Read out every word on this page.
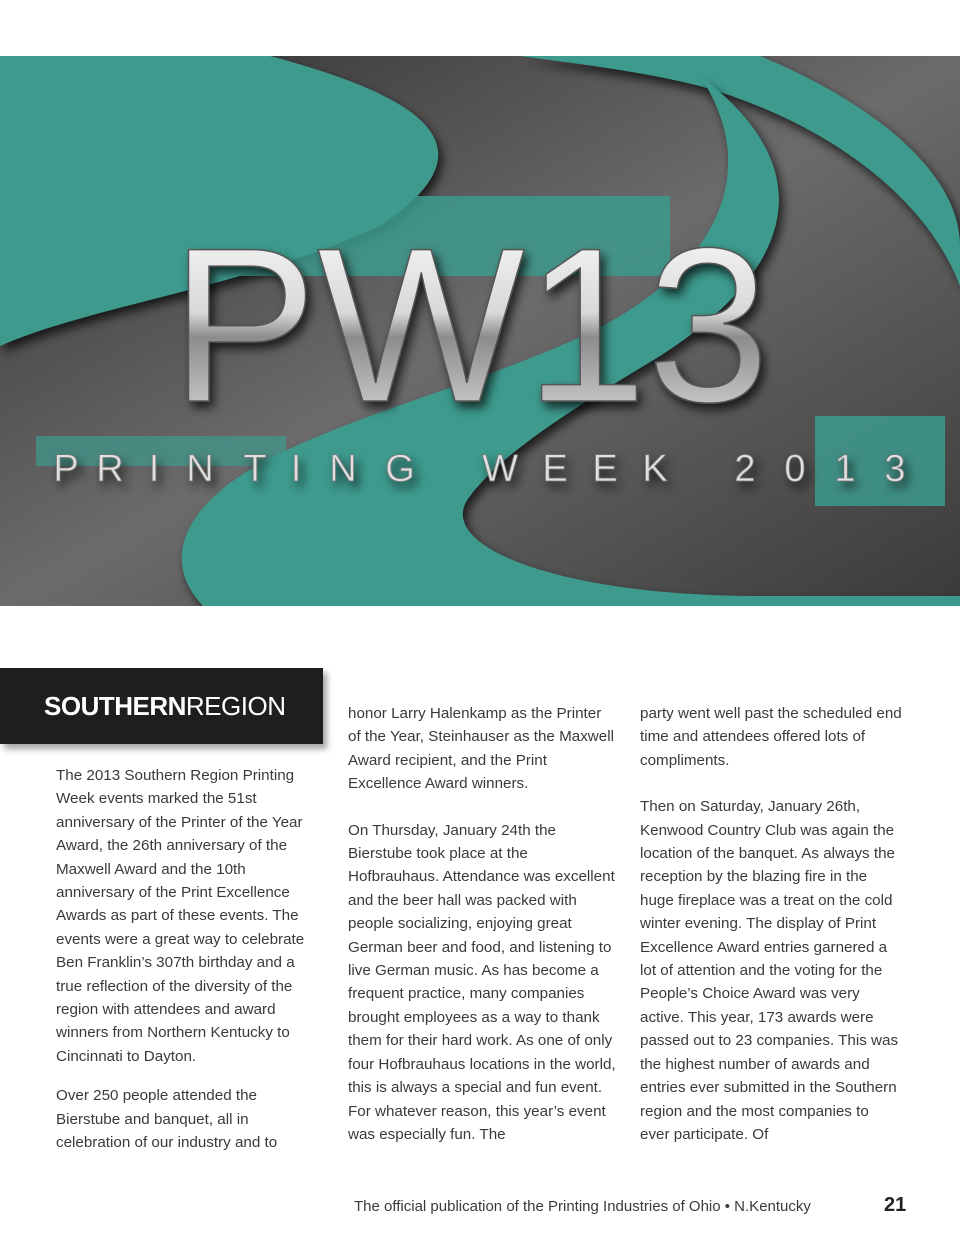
PW13
P R I N T I N G W E E K 2 0 1 3
SOUTHERNREGION

The 2013 Southern Region Printing Week events marked the 51st anniversary of the Printer of the Year Award, the 26th anniversary of the Maxwell Award and the 10th anniversary of the Print Excellence Awards as part of these events. The events were a great way to celebrate Ben Franklin’s 307th birthday and a true reflection of the diversity of the region with attendees and award winners from Northern Kentucky to Cincinnati to Dayton.

Over 250 people attended the Bierstube and banquet, all in celebration of our industry and to

honor Larry Halenkamp as the Printer of the Year, Steinhauser as the Maxwell Award recipient, and the Print Excellence Award winners.

On Thursday, January 24th the Bierstube took place at the Hofbrauhaus. Attendance was excellent and the beer hall was packed with people socializing, enjoying great German beer and food, and listening to live German music. As has become a frequent practice, many companies brought employees as a way to thank them for their hard work. As one of only four Hofbrauhaus locations in the world, this is always a special and fun event. For whatever reason, this year’s event was especially fun. The

party went well past the scheduled end time and attendees offered lots of compliments.

Then on Saturday, January 26th, Kenwood Country Club was again the location of the banquet. As always the reception by the blazing fire in the huge fireplace was a treat on the cold winter evening. The display of Print Excellence Award entries garnered a lot of attention and the voting for the People’s Choice Award was very active. This year, 173 awards were passed out to 23 companies. This was the highest number of awards and entries ever submitted in the Southern region and the most companies to ever participate. Of

The official publication of the Printing Industries of Ohio • N.Kentucky	21
